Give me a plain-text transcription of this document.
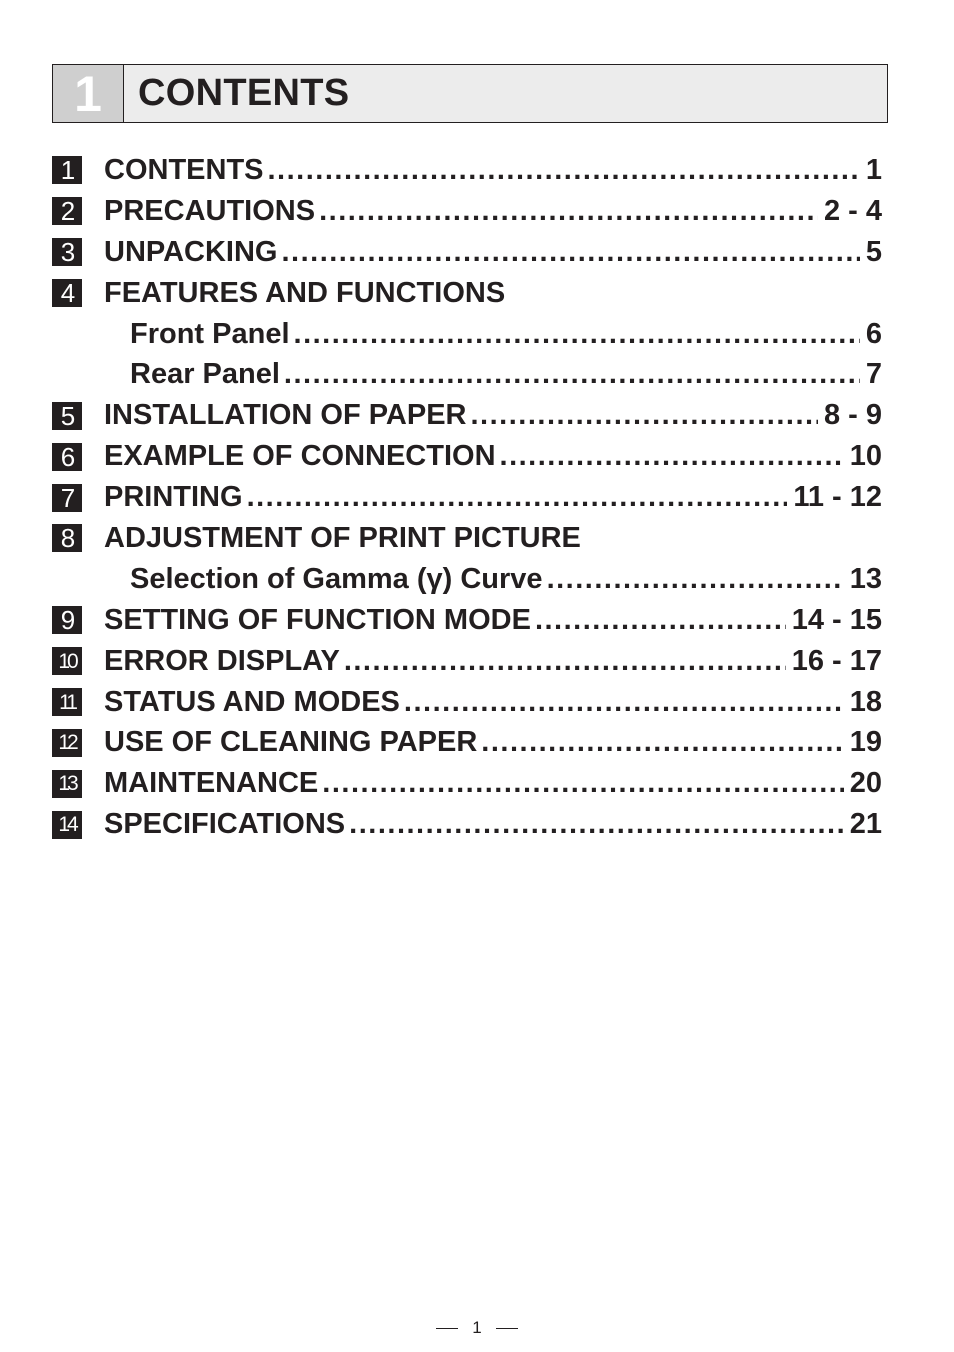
1 CONTENTS
1	CONTENTS .....	1
2	PRECAUTIONS .....	2 - 4
3	UNPACKING .....	5
4	FEATURES AND FUNCTIONS
Front Panel .....	6
Rear Panel .....	7
5	INSTALLATION OF PAPER .....	8 - 9
6	EXAMPLE OF CONNECTION .....	10
7	PRINTING .....	11 - 12
8	ADJUSTMENT OF PRINT PICTURE
Selection of Gamma (γ) Curve .....	13
9	SETTING OF FUNCTION MODE .....	14 - 15
10 ERROR DISPLAY .....	16 - 17
11 STATUS AND MODES .....	18
12 USE OF CLEANING PAPER .....	19
13 MAINTENANCE .....	20
14 SPECIFICATIONS .....	21
1
